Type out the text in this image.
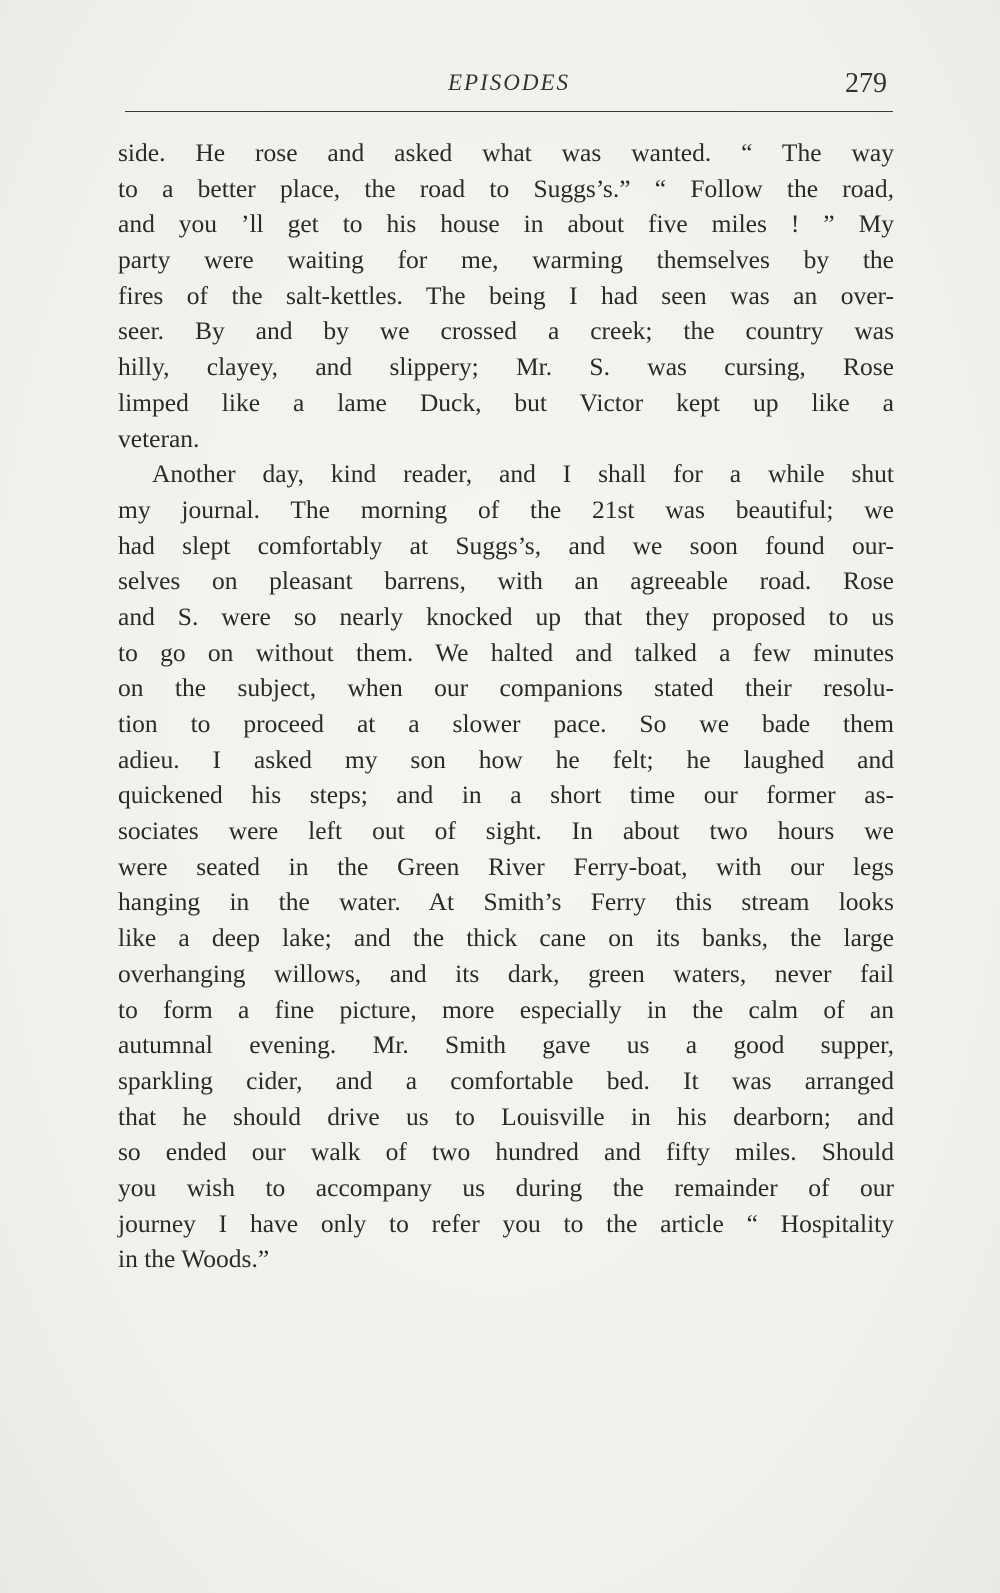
EPISODES	279
side. He rose and asked what was wanted. “ The way
to a better place, the road to Suggs’s.” “ Follow the road,
and you ’ll get to his house in about five miles ! ” My
party were waiting for me, warming themselves by the
fires of the salt-kettles. The being I had seen was an over-
seer. By and by we crossed a creek; the country was
hilly, clayey, and slippery; Mr. S. was cursing, Rose
limped like a lame Duck, but Victor kept up like a
veteran.
Another day, kind reader, and I shall for a while shut
my journal. The morning of the 21st was beautiful; we
had slept comfortably at Suggs’s, and we soon found our-
selves on pleasant barrens, with an agreeable road. Rose
and S. were so nearly knocked up that they proposed to us
to go on without them. We halted and talked a few minutes
on the subject, when our companions stated their resolu-
tion to proceed at a slower pace. So we bade them
adieu. I asked my son how he felt; he laughed and
quickened his steps; and in a short time our former as-
sociates were left out of sight. In about two hours we
were seated in the Green River Ferry-boat, with our legs
hanging in the water. At Smith’s Ferry this stream looks
like a deep lake; and the thick cane on its banks, the large
overhanging willows, and its dark, green waters, never fail
to form a fine picture, more especially in the calm of an
autumnal evening. Mr. Smith gave us a good supper,
sparkling cider, and a comfortable bed. It was arranged
that he should drive us to Louisville in his dearborn; and
so ended our walk of two hundred and fifty miles. Should
you wish to accompany us during the remainder of our
journey I have only to refer you to the article “ Hospitality
in the Woods.”
